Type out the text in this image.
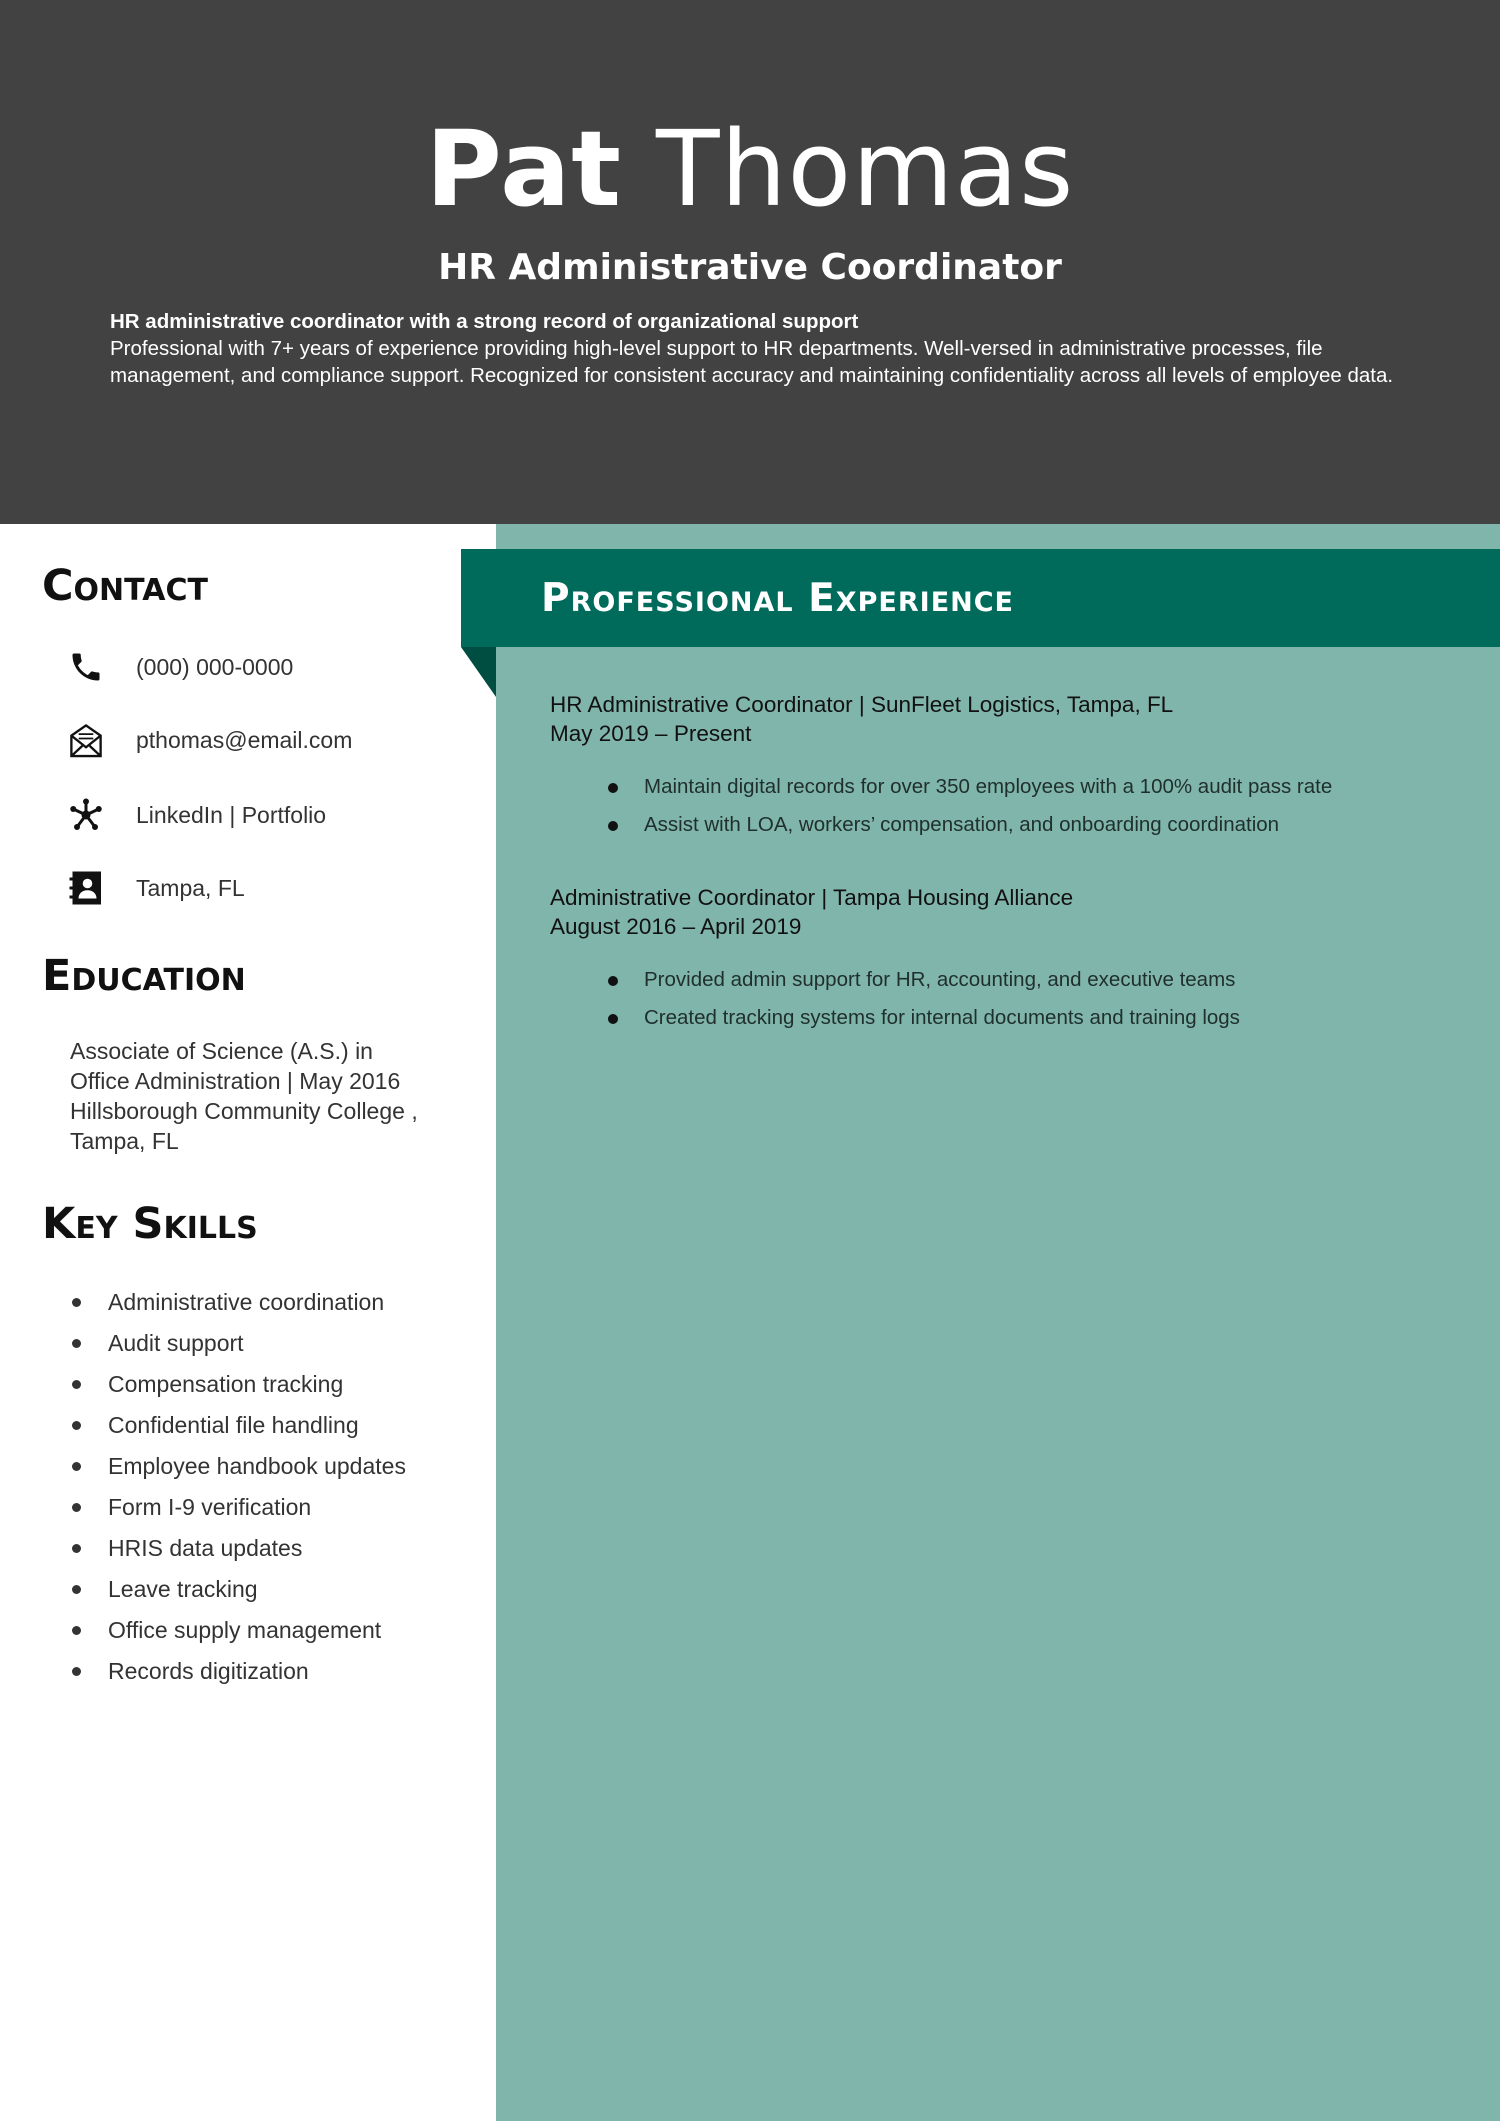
Pat Thomas
HR Administrative Coordinator
HR administrative coordinator with a strong record of organizational support
Professional with 7+ years of experience providing high-level support to HR departments. Well-versed in administrative processes, file management, and compliance support. Recognized for consistent accuracy and maintaining confidentiality across all levels of employee data.
Professional Experience
Contact
(000) 000-0000
pthomas@email.com
LinkedIn | Portfolio
Tampa, FL
Education
Associate of Science (A.S.) in
Office Administration | May 2016
Hillsborough Community College ,
Tampa, FL
Key Skills
Administrative coordination
Audit support
Compensation tracking
Confidential file handling
Employee handbook updates
Form I-9 verification
HRIS data updates
Leave tracking
Office supply management
Records digitization
HR Administrative Coordinator | SunFleet Logistics, Tampa, FL
May 2019 – Present
Maintain digital records for over 350 employees with a 100% audit pass rate
Assist with LOA, workers’ compensation, and onboarding coordination
Administrative Coordinator | Tampa Housing Alliance
August 2016 – April 2019
Provided admin support for HR, accounting, and executive teams
Created tracking systems for internal documents and training logs
